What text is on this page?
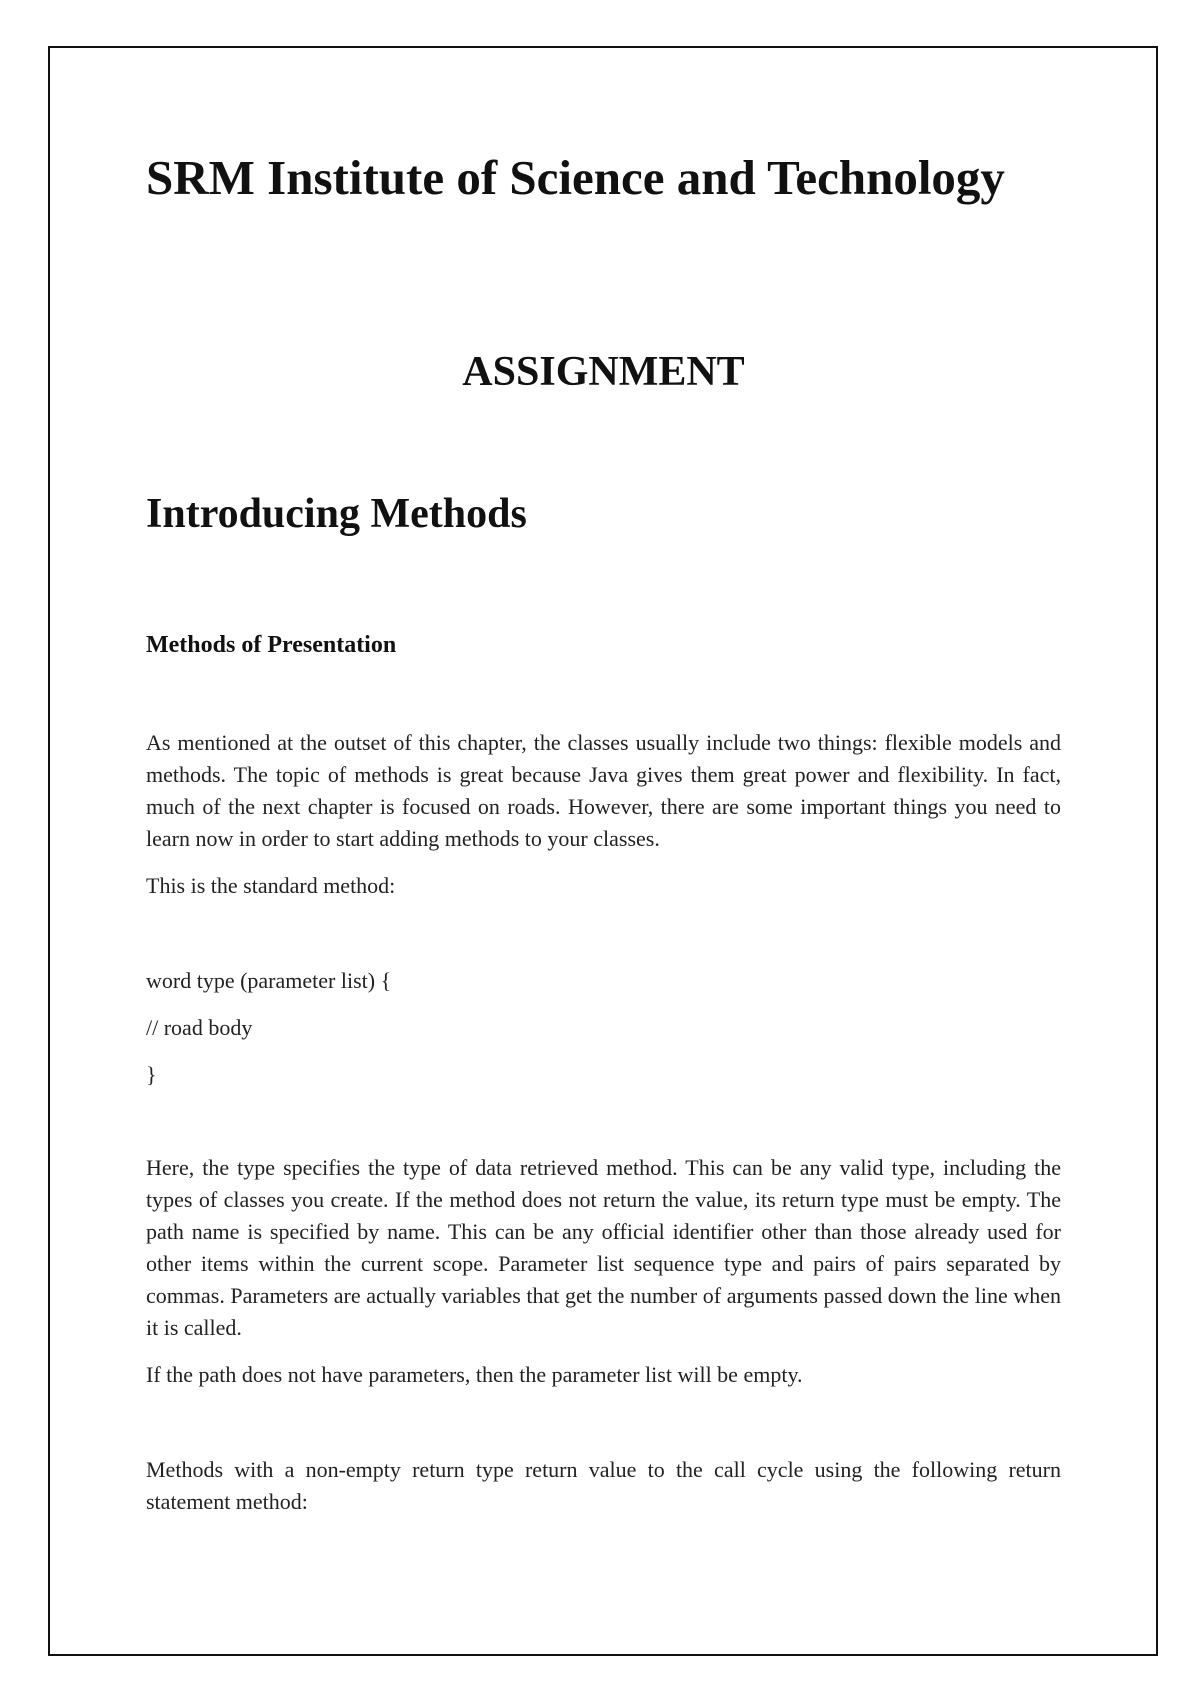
SRM Institute of Science and Technology
ASSIGNMENT
Introducing Methods
Methods of Presentation

As mentioned at the outset of this chapter, the classes usually include two things: flexible models and methods. The topic of methods is great because Java gives them great power and flexibility. In fact, much of the next chapter is focused on roads. However, there are some important things you need to learn now in order to start adding methods to your classes.

This is the standard method:

word type (parameter list) {

// road body

}

Here, the type specifies the type of data retrieved method. This can be any valid type, including the types of classes you create. If the method does not return the value, its return type must be empty. The path name is specified by name. This can be any official identifier other than those already used for other items within the current scope. Parameter list sequence type and pairs of pairs separated by commas. Parameters are actually variables that get the number of arguments passed down the line when it is called.

If the path does not have parameters, then the parameter list will be empty.

Methods with a non-empty return type return value to the call cycle using the following return statement method:
